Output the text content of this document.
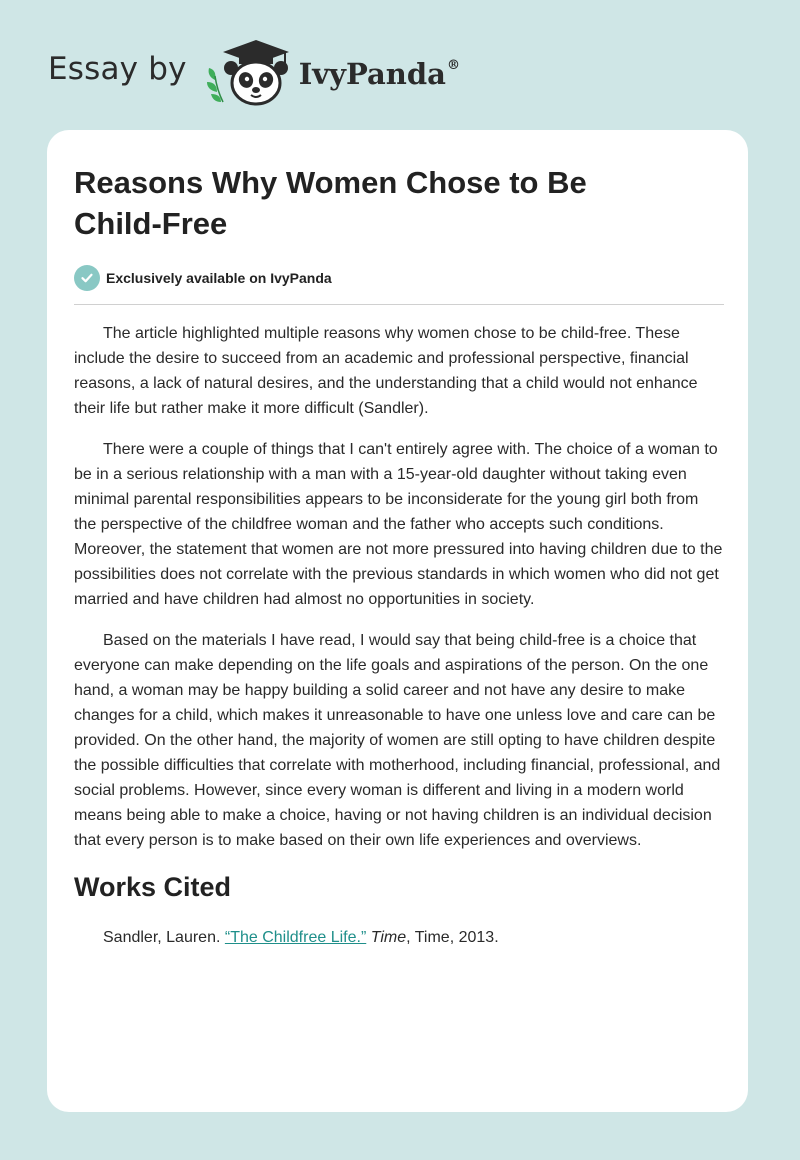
Essay by	IvyPanda®
Reasons Why Women Chose to Be
Child-Free
Exclusively available on IvyPanda

The article highlighted multiple reasons why women chose to be child-free. These include the desire to succeed from an academic and professional perspective, financial reasons, a lack of natural desires, and the understanding that a child would not enhance their life but rather make it more difficult (Sandler).

There were a couple of things that I can't entirely agree with. The choice of a woman to be in a serious relationship with a man with a 15-year-old daughter without taking even minimal parental responsibilities appears to be inconsiderate for the young girl both from the perspective of the childfree woman and the father who accepts such conditions. Moreover, the statement that women are not more pressured into having children due to the possibilities does not correlate with the previous standards in which women who did not get married and have children had almost no opportunities in society.

Based on the materials I have read, I would say that being child-free is a choice that everyone can make depending on the life goals and aspirations of the person. On the one hand, a woman may be happy building a solid career and not have any desire to make changes for a child, which makes it unreasonable to have one unless love and care can be provided. On the other hand, the majority of women are still opting to have children despite the possible difficulties that correlate with motherhood, including financial, professional, and social problems. However, since every woman is different and living in a modern world means being able to make a choice, having or not having children is an individual decision that every person is to make based on their own life experiences and overviews.

Works Cited

Sandler, Lauren. “The Childfree Life.” Time, Time, 2013.
